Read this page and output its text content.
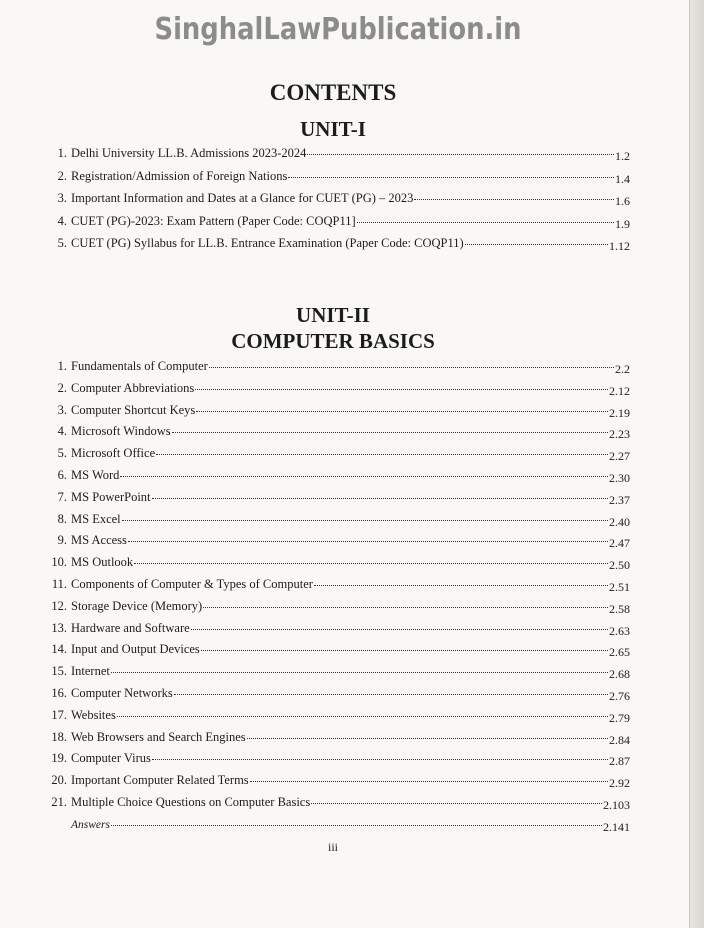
SinghalLawPublication.in
CONTENTS
UNIT-I
1. Delhi University LL.B. Admissions 2023-2024	1.2
2. Registration/Admission of Foreign Nations	1.4
3. Important Information and Dates at a Glance for CUET (PG) – 2023	1.6
4. CUET (PG)-2023: Exam Pattern (Paper Code: COQP11]	1.9
5. CUET (PG) Syllabus for LL.B. Entrance Examination (Paper Code: COQP11)	1.12
UNIT-II
COMPUTER BASICS
1. Fundamentals of Computer	2.2
2. Computer Abbreviations	2.12
3. Computer Shortcut Keys	2.19
4. Microsoft Windows	2.23
5. Microsoft Office	2.27
6. MS Word	2.30
7. MS PowerPoint	2.37
8. MS Excel	2.40
9. MS Access	2.47
10. MS Outlook	2.50
11. Components of Computer & Types of Computer	2.51
12. Storage Device (Memory)	2.58
13. Hardware and Software	2.63
14. Input and Output Devices	2.65
15. Internet	2.68
16. Computer Networks	2.76
17. Websites	2.79
18. Web Browsers and Search Engines	2.84
19. Computer Virus	2.87
20. Important Computer Related Terms	2.92
21. Multiple Choice Questions on Computer Basics	2.103
Answers	2.141
iii
